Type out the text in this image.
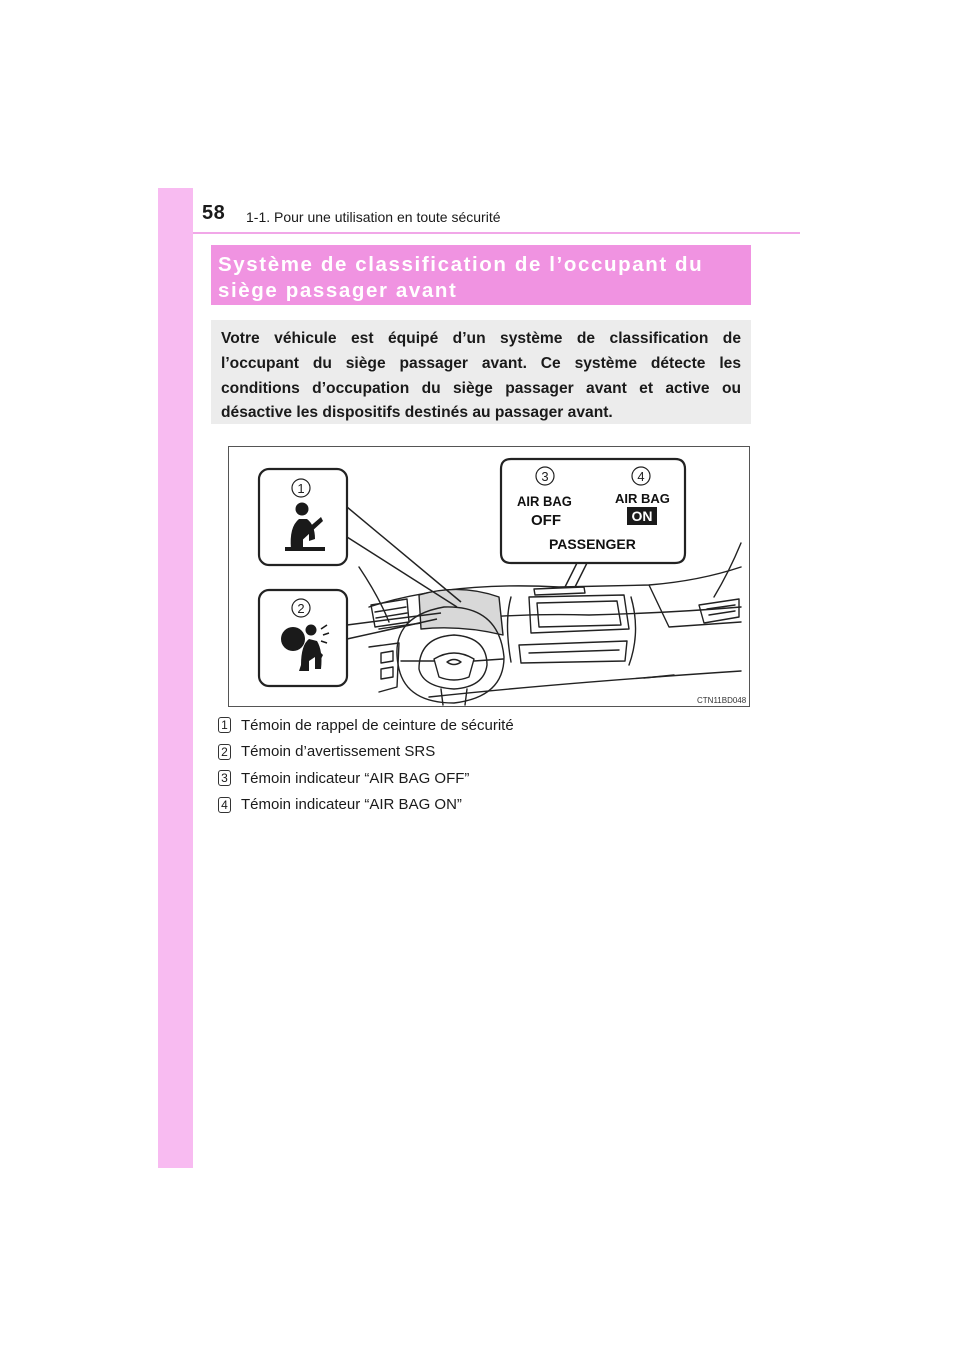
58 1-1. Pour une utilisation en toute sécurité
Système de classification de l’occupant du
siège passager avant

Votre véhicule est équipé d’un système de classification de l’occupant du siège passager avant. Ce système détecte les conditions d’occupation du siège passager avant et active ou désactive les dispositifs destinés au passager avant.

1
2
3	4
AIR BAG
OFF
AIR BAG
ON
PASSENGER
CTN11BD048
1 Témoin de rappel de ceinture de sécurité
2 Témoin d’avertissement SRS
3 Témoin indicateur “AIR BAG OFF”
4 Témoin indicateur “AIR BAG ON”
